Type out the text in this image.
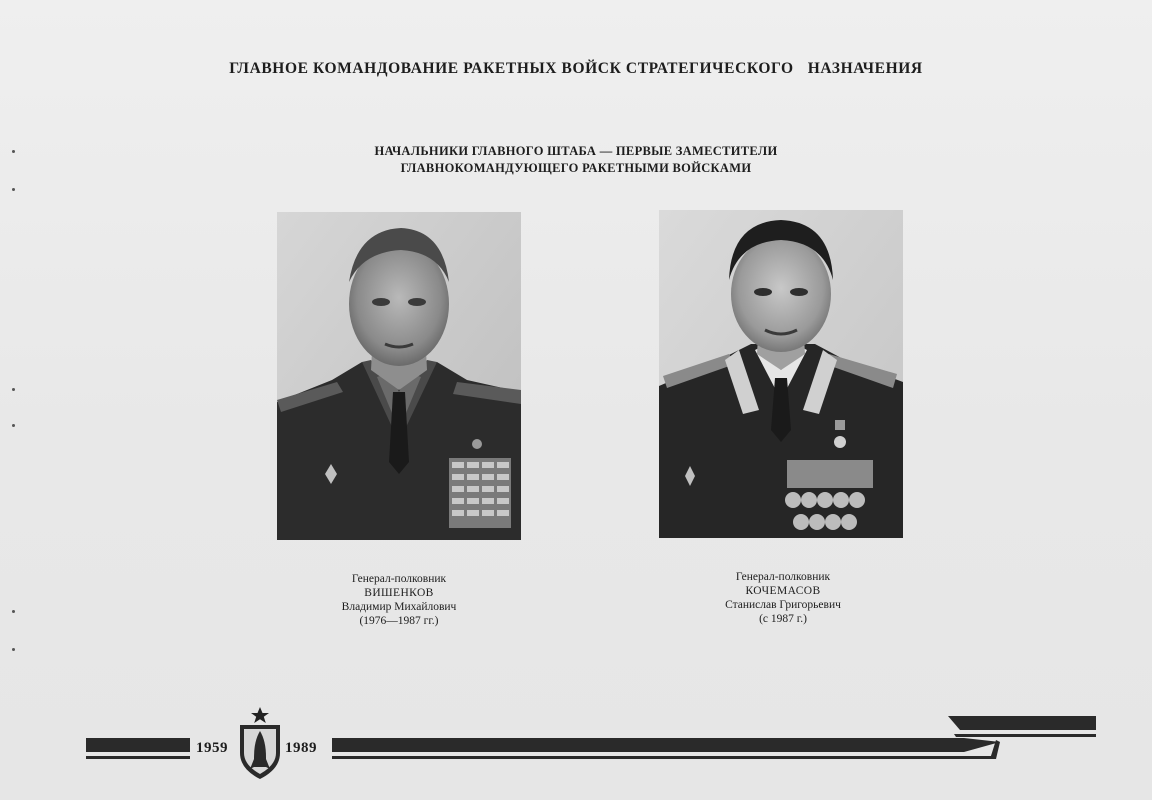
ГЛАВНОЕ КОМАНДОВАНИЕ РАКЕТНЫХ ВОЙСК СТРАТЕГИЧЕСКОГО НАЗНАЧЕНИЯ
НАЧАЛЬНИКИ ГЛАВНОГО ШТАБА — ПЕРВЫЕ ЗАМЕСТИТЕЛИ
ГЛАВНОКОМАНДУЮЩЕГО РАКЕТНЫМИ ВОЙСКАМИ
Генерал-полковник
ВИШЕНКОВ
Владимир Михайлович
(1976—1987 гг.)
Генерал-полковник
КОЧЕМАСОВ
Станислав Григорьевич
(с 1987 г.)
1959	1989
